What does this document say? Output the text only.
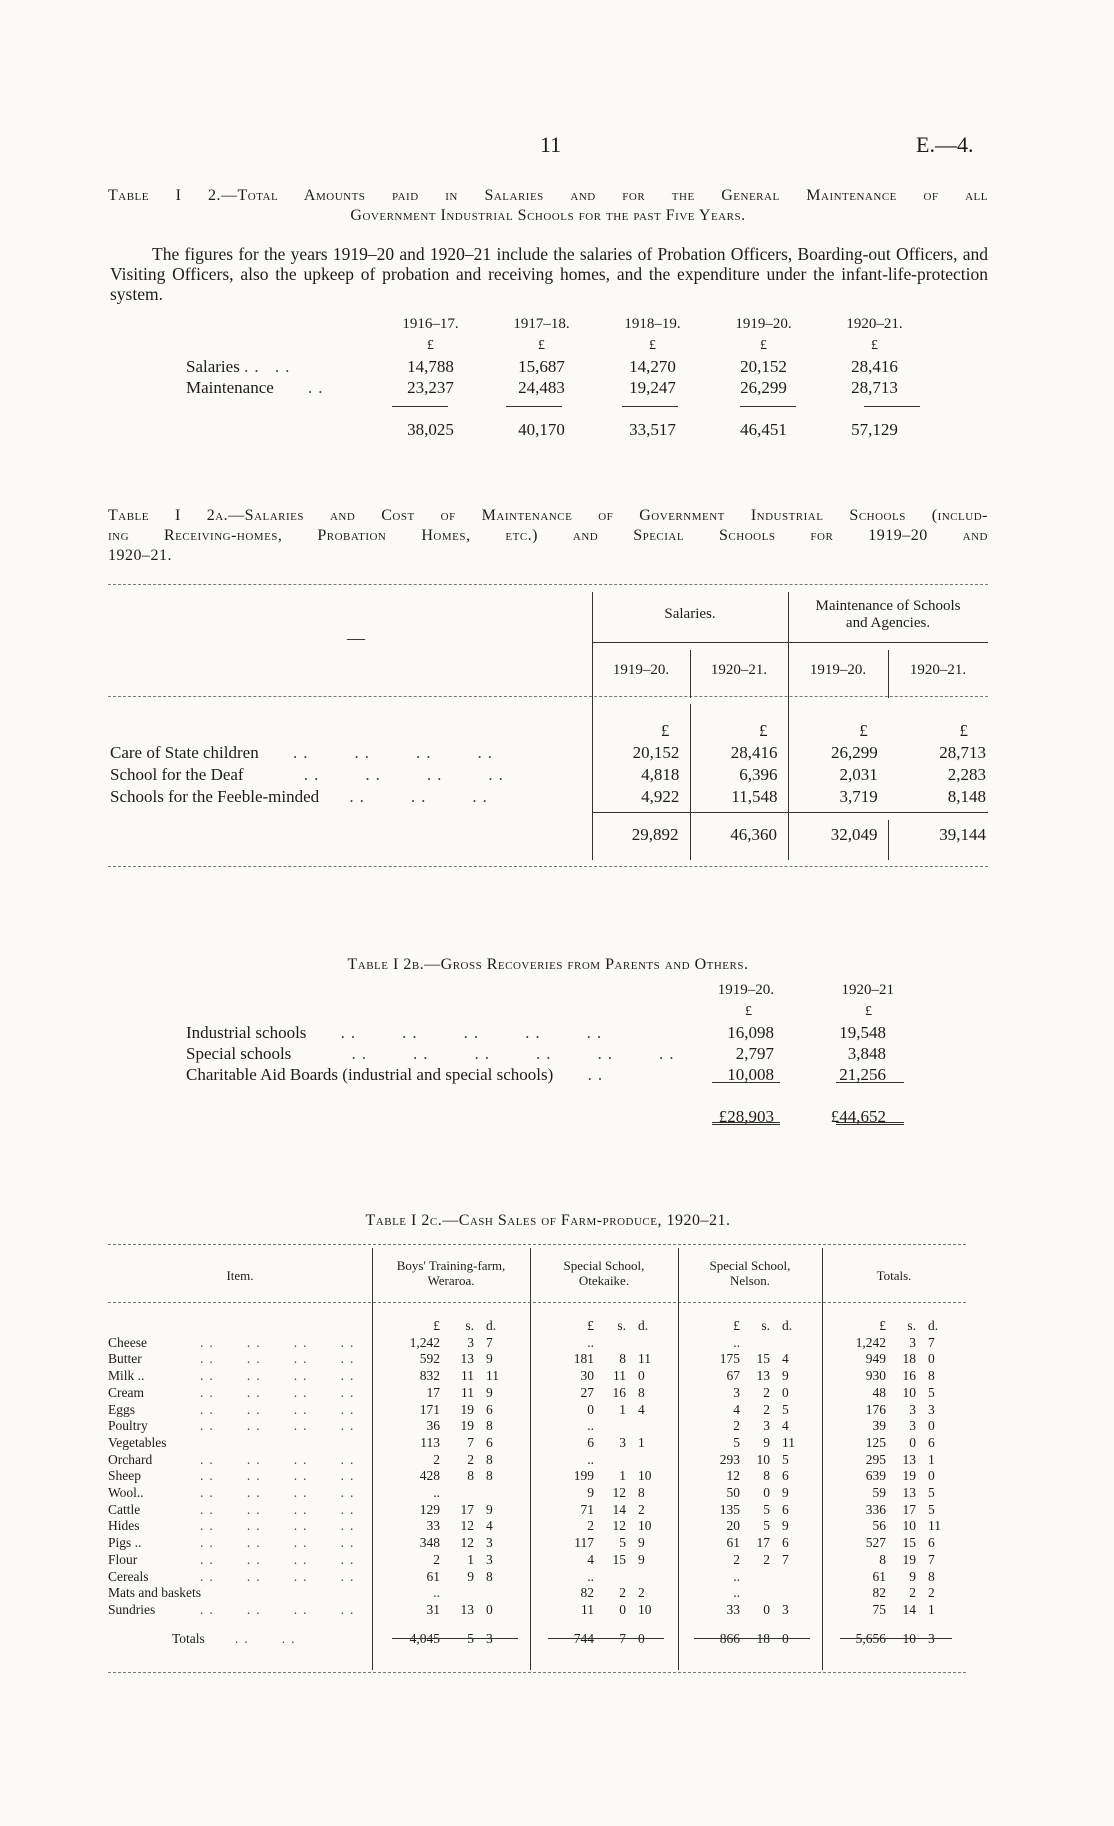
11	E.—4.
Table I 2.—Total Amounts paid in Salaries and for the General Maintenance of all
Government Industrial Schools for the past Five Years.
The figures for the years 1919–20 and 1920–21 include the salaries of Probation Officers, Boarding-out Officers, and Visiting Officers, also the upkeep of probation and receiving homes, and the expenditure under the infant-life-protection system.
	1916–17.	1917–18.	1918–19.	1919–20.	1920–21.
	£	£	£	£	£
Salaries .. ..	14,788	15,687	14,270	20,152	28,416
Maintenance ..	23,237	24,483	19,247	26,299	28,713

	38,025	40,170	33,517	46,451	57,129
Table I 2a.—Salaries and Cost of Maintenance of Government Industrial Schools (includ-
ing Receiving-homes, Probation Homes, etc.) and Special Schools for 1919–20 and
1920–21.
—
Salaries.	Maintenance of Schools
and Agencies.
1919–20.	1920–21.	1919–20.	1920–21.
	£	£	£	£
Care of State children ..    ..    ..    ..	20,152	28,416	26,299	28,713
School for the Deaf ..    ..    ..    ..	4,818	6,396	2,031	2,283
Schools for the Feeble-minded ..    ..    ..	4,922	11,548	3,719	8,148
29,892	46,360	32,049	39,144
Table I 2b.—Gross Recoveries from Parents and Others.
	1919–20.	1920–21
	£	£
Industrial schools ..    ..    ..    ..    ..	16,098	19,548
Special schools ..    ..    ..    ..    ..    ..	2,797	3,848
Charitable Aid Boards (industrial and special schools) ..	10,008	21,256

	£28,903	£44,652
Table I 2c.—Cash Sales of Farm-produce, 1920–21.
Item.
Boys' Training-farm,
Weraroa.
Special School,
Otekaike.
Special School,
Nelson.	Totals.
	£	s.	d.	£	s.	d.	£	s.	d.	£	s.	d.
Cheese ..   ..   ..   ..	1,242	3	7	..			..			1,242	3	7
Butter ..   ..   ..   ..	592	13	9	181	8	11	175	15	4	949	18	0
Milk .. ..   ..   ..   ..	832	11	11	30	11	0	67	13	9	930	16	8
Cream ..   ..   ..   ..	17	11	9	27	16	8	3	2	0	48	10	5
Eggs ..   ..   ..   ..	171	19	6	0	1	4	4	2	5	176	3	3
Poultry ..   ..   ..   ..	36	19	8	..			2	3	4	39	3	0
Vegetables	113	7	6	6	3	1	5	9	11	125	0	6
Orchard ..   ..   ..   ..	2	2	8	..			293	10	5	295	13	1
Sheep ..   ..   ..   ..	428	8	8	199	1	10	12	8	6	639	19	0
Wool.. ..   ..   ..   ..	..			9	12	8	50	0	9	59	13	5
Cattle ..   ..   ..   ..	129	17	9	71	14	2	135	5	6	336	17	5
Hides ..   ..   ..   ..	33	12	4	2	12	10	20	5	9	56	10	11
Pigs .. ..   ..   ..   ..	348	12	3	117	5	9	61	17	6	527	15	6
Flour ..   ..   ..   ..	2	1	3	4	15	9	2	2	7	8	19	7
Cereals ..   ..   ..   ..	61	9	8	..			..			61	9	8
Mats and baskets	..			82	2	2	..			82	2	2
Sundries ..   ..   ..   ..	31	13	0	11	0	10	33	0	3	75	14	1

Totals ..   ..	4,045	5	3	744	7	0	866	18	0	5,656	10	3
